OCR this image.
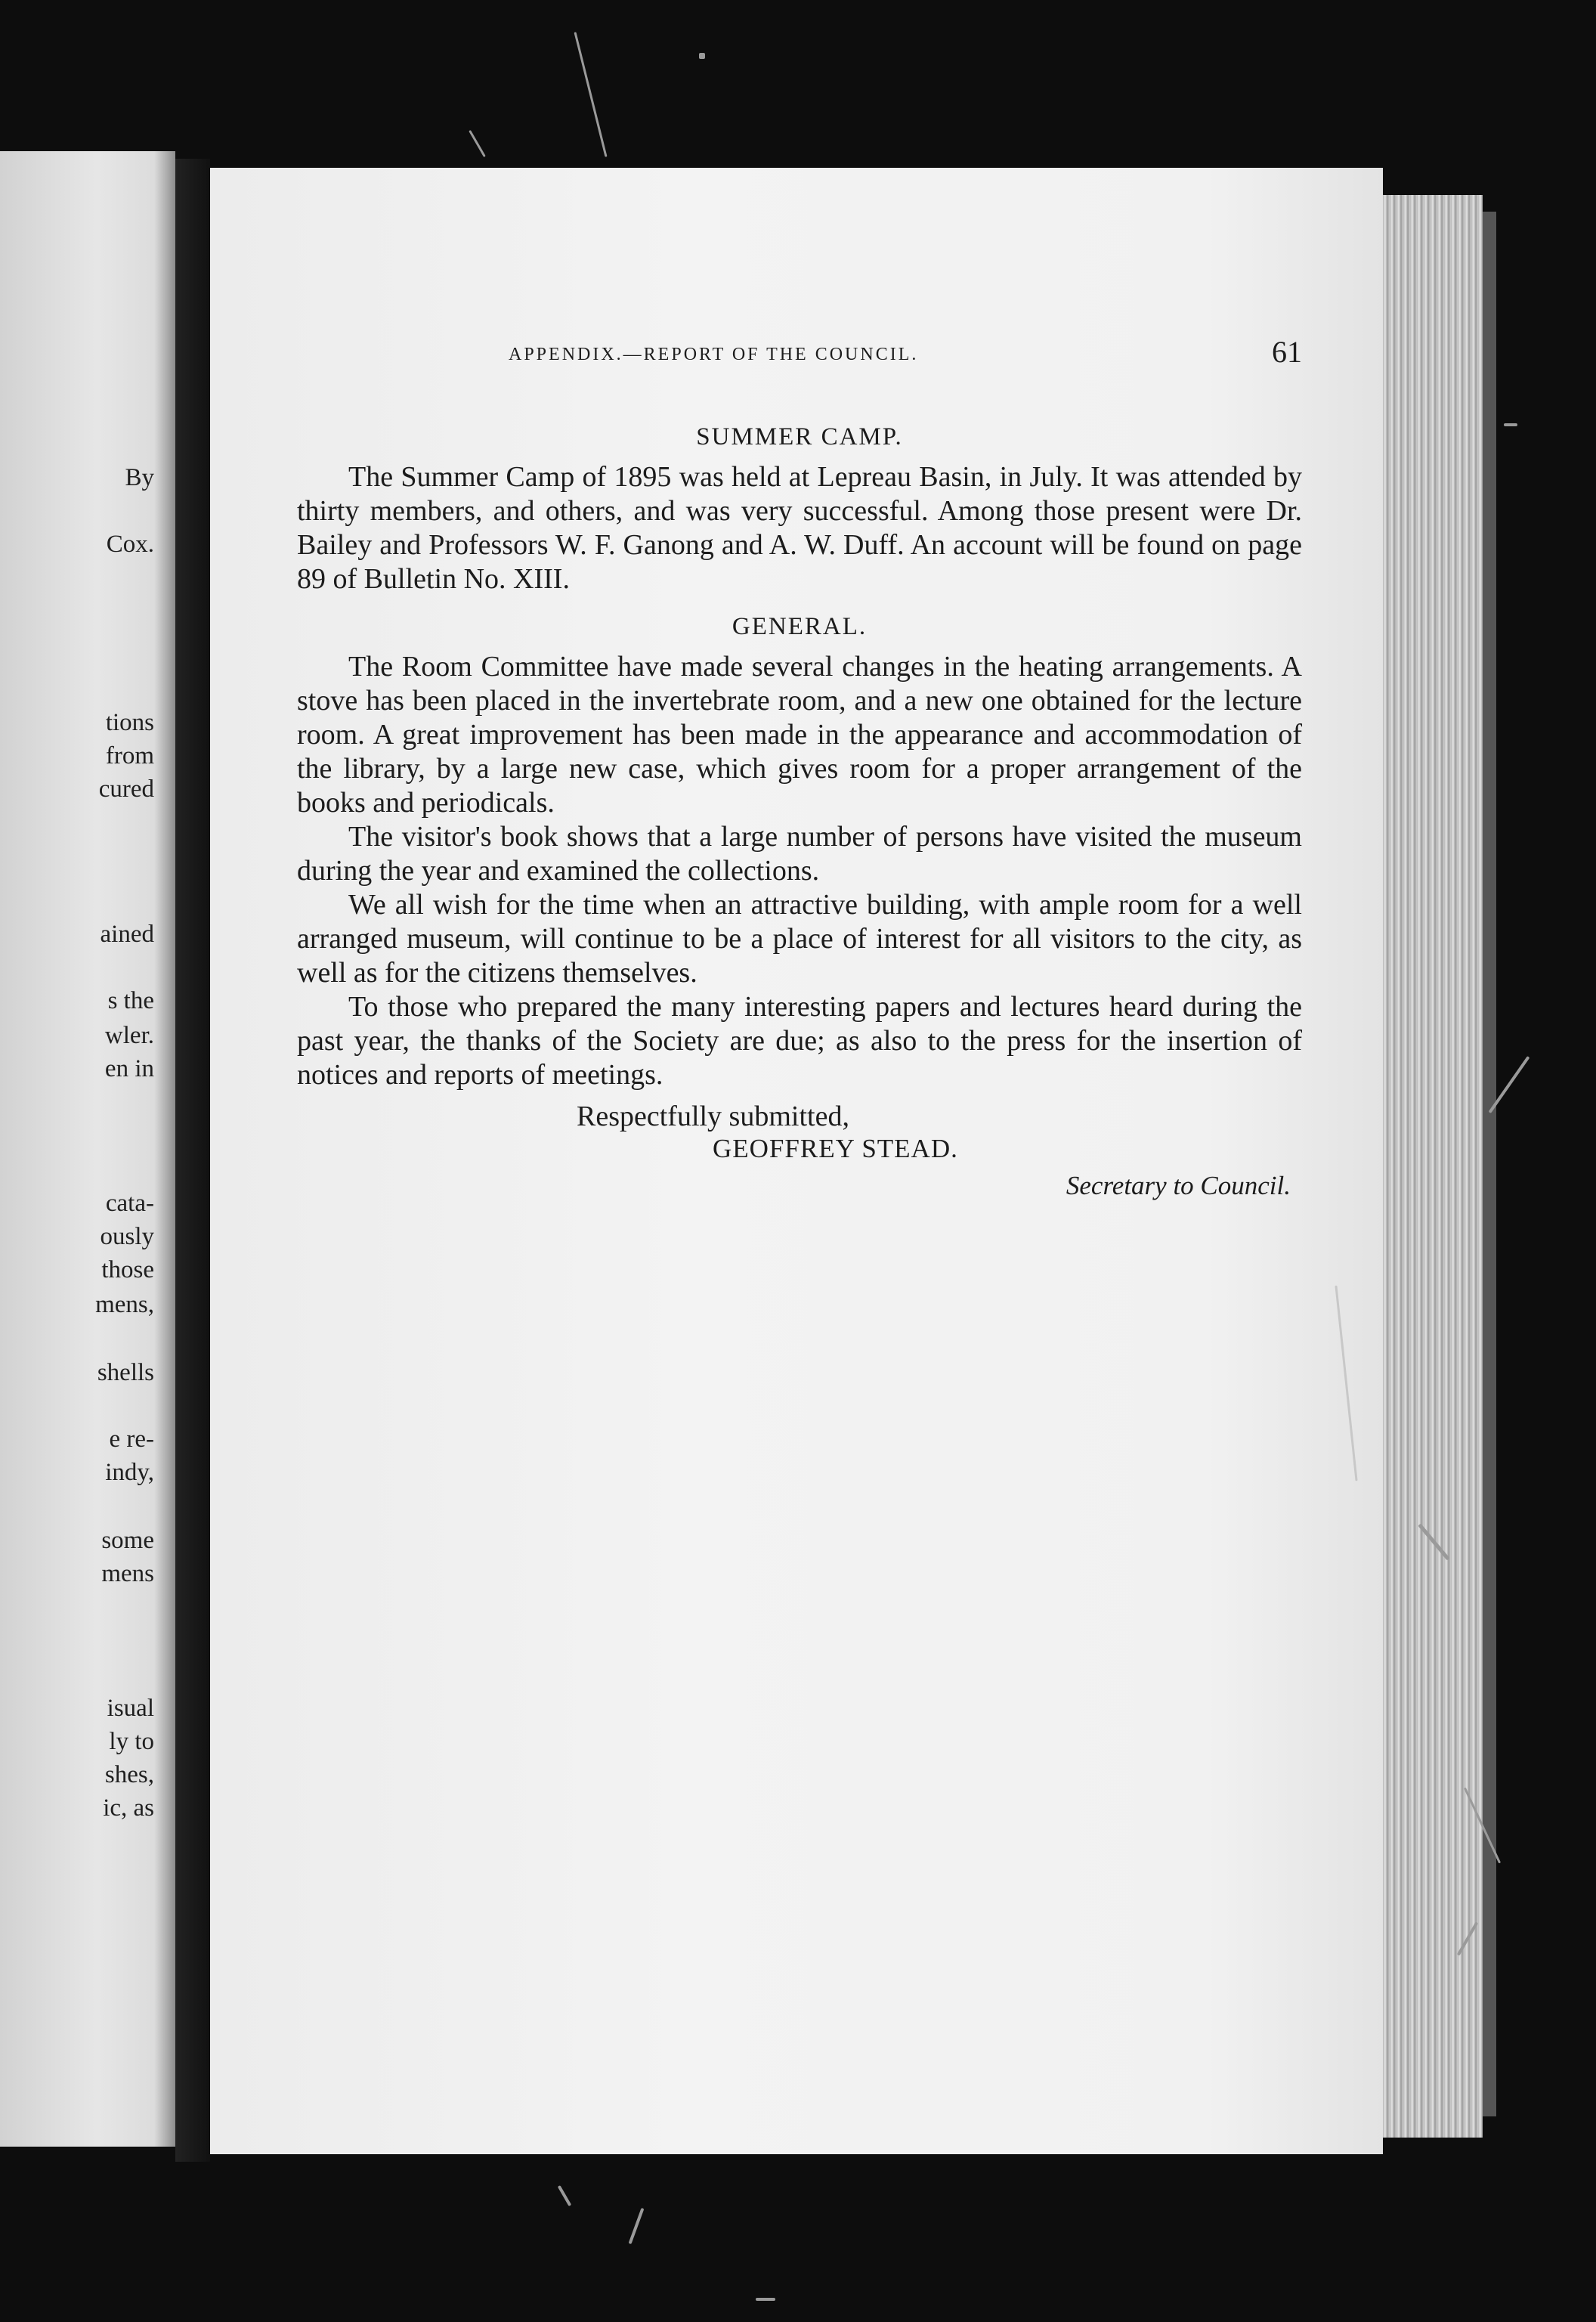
By
Cox.
tions
from
cured
ained
s the
wler.
en in
cata-
ously
those
mens,
shells
e re-
indy,
some
mens
isual
ly to
shes,
ic, as
APPENDIX.—REPORT OF THE COUNCIL.	61
SUMMER CAMP.

The Summer Camp of 1895 was held at Lepreau Basin, in July. It was attended by thirty members, and others, and was very successful. Among those present were Dr. Bailey and Professors W. F. Ganong and A. W. Duff. An account will be found on page 89 of Bulletin No. XIII.

GENERAL.

The Room Committee have made several changes in the heating arrangements. A stove has been placed in the invertebrate room, and a new one obtained for the lecture room. A great improvement has been made in the appearance and accommodation of the library, by a large new case, which gives room for a proper arrangement of the books and periodicals.

The visitor's book shows that a large number of persons have visited the museum during the year and examined the collections.

We all wish for the time when an attractive building, with ample room for a well arranged museum, will continue to be a place of interest for all visitors to the city, as well as for the citizens themselves.

To those who prepared the many interesting papers and lectures heard during the past year, the thanks of the Society are due; as also to the press for the insertion of notices and reports of meetings.

Respectfully submitted,
GEOFFREY STEAD.
Secretary to Council.
